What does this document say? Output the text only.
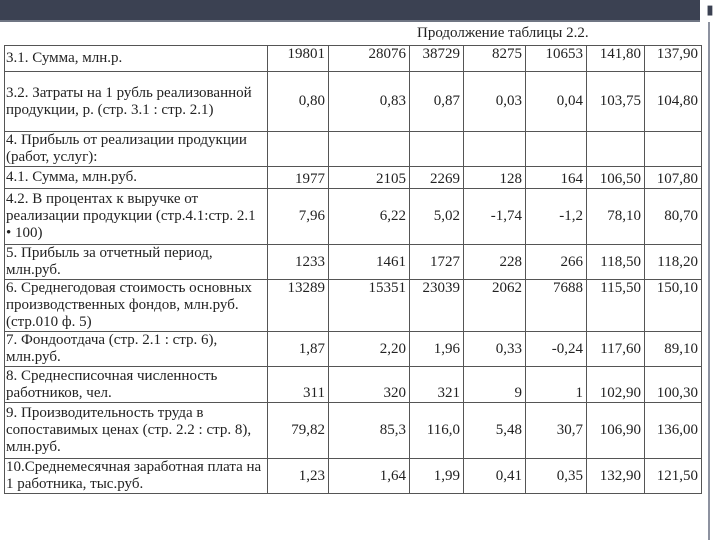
▮
Продолжение таблицы 2.2.
3.1. Сумма, млн.р.	19801	28076	38729	8275	10653	141,80	137,90
3.2. Затраты на 1 рубль реализованной продукции, р. (стр. 3.1 : стр. 2.1)	0,80	0,83	0,87	0,03	0,04	103,75	104,80
4. Прибыль от реализации продукции (работ, услуг):							
4.1. Сумма, млн.руб.	1977	2105	2269	128	164	106,50	107,80
4.2. В процентах к выручке от реализации продукции (стр.4.1:стр. 2.1 • 100)	7,96	6,22	5,02	-1,74	-1,2	78,10	80,70
5. Прибыль за отчетный период, млн.руб.	1233	1461	1727	228	266	118,50	118,20
6. Среднегодовая стоимость основных производственных фондов, млн.руб. (стр.010 ф. 5)	13289	15351	23039	2062	7688	115,50	150,10
7. Фондоотдача (стр. 2.1 : стр. 6), млн.руб.	1,87	2,20	1,96	0,33	-0,24	117,60	89,10
8. Среднесписочная численность работников, чел.	311	320	321	9	1	102,90	100,30
9. Производительность труда в сопоставимых ценах (стр. 2.2 : стр. 8), млн.руб.	79,82	85,3	116,0	5,48	30,7	106,90	136,00
10.Среднемесячная заработная плата на 1 работника, тыс.руб.	1,23	1,64	1,99	0,41	0,35	132,90	121,50
